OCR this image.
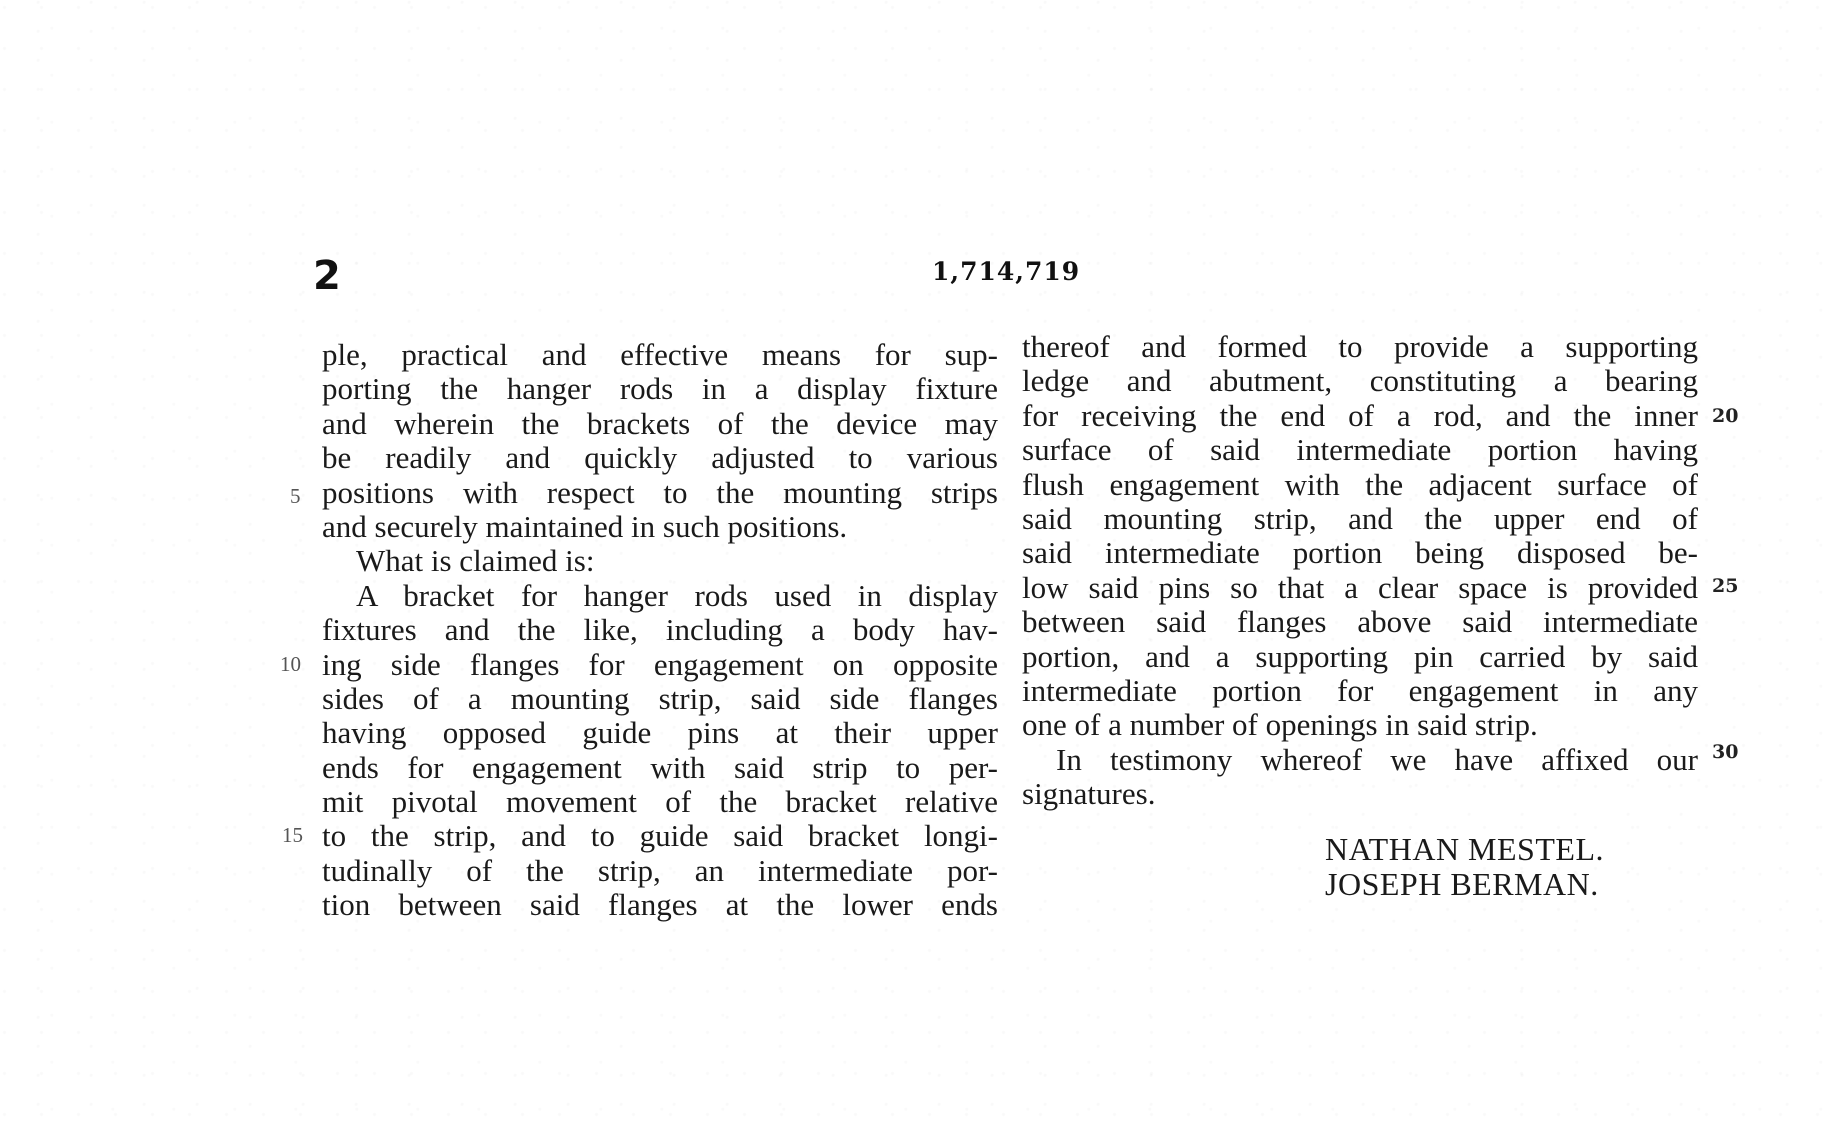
2	1,714,719
ple, practical and effective means for sup-
porting the hanger rods in a display fixture
and wherein the brackets of the device may
be readily and quickly adjusted to various
positions with respect to the mounting strips
and securely maintained in such positions.
What is claimed is:
A bracket for hanger rods used in display
fixtures and the like, including a body hav-
ing side flanges for engagement on opposite
sides of a mounting strip, said side flanges
having opposed guide pins at their upper
ends for engagement with said strip to per-
mit pivotal movement of the bracket relative
to the strip, and to guide said bracket longi-
tudinally of the strip, an intermediate por-
tion between said flanges at the lower ends
thereof and formed to provide a supporting
ledge and abutment, constituting a bearing
for receiving the end of a rod, and the inner
surface of said intermediate portion having
flush engagement with the adjacent surface of
said mounting strip, and the upper end of
said intermediate portion being disposed be-
low said pins so that a clear space is provided
between said flanges above said intermediate
portion, and a supporting pin carried by said
intermediate portion for engagement in any
one of a number of openings in said strip.
In testimony whereof we have affixed our
signatures.
5
10
15
20
25
30
NATHAN MESTEL.
JOSEPH BERMAN.
